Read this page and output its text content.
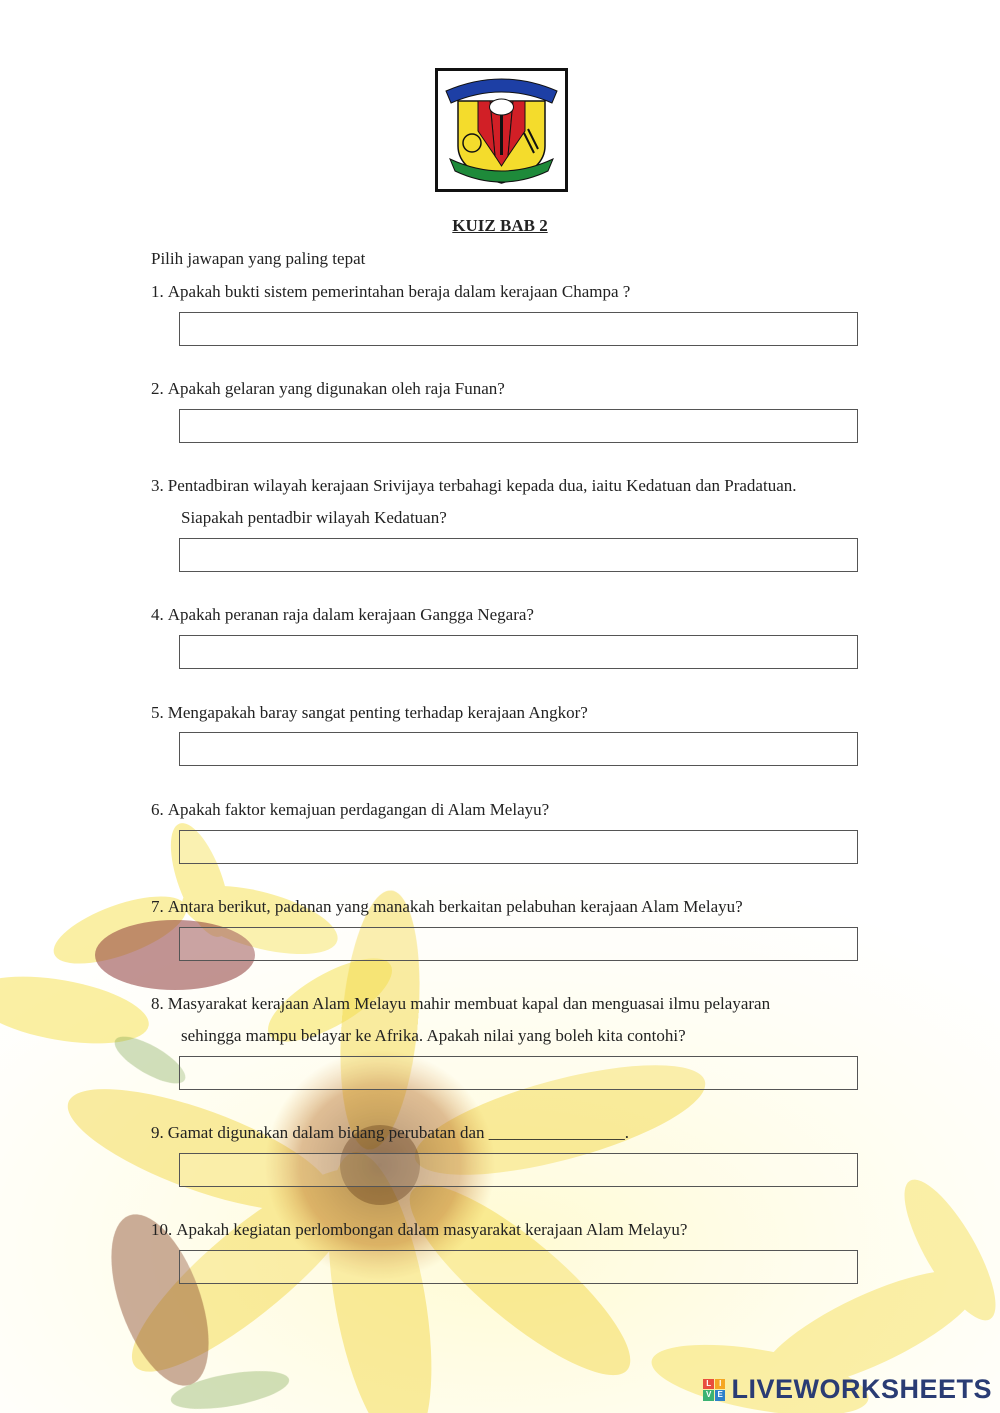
KUIZ BAB 2
Pilih jawapan yang paling tepat
1. Apakah bukti sistem pemerintahan beraja dalam kerajaan Champa ?
2. Apakah gelaran yang digunakan oleh raja Funan?
3. Pentadbiran wilayah kerajaan Srivijaya terbahagi kepada dua, iaitu Kedatuan dan Pradatuan.
Siapakah pentadbir wilayah Kedatuan?
4. Apakah peranan raja dalam kerajaan Gangga Negara?
5. Mengapakah baray sangat penting terhadap kerajaan Angkor?
6. Apakah faktor kemajuan perdagangan di Alam Melayu?
7. Antara berikut, padanan yang manakah berkaitan pelabuhan kerajaan Alam Melayu?
8. Masyarakat kerajaan Alam Melayu mahir membuat kapal dan menguasai ilmu pelayaran
sehingga mampu belayar ke Afrika. Apakah nilai yang boleh kita contohi?
9. Gamat digunakan dalam bidang perubatan dan ________________.
10. Apakah kegiatan perlombongan dalam masyarakat kerajaan Alam Melayu?
L I
V E LIVEWORKSHEETS
